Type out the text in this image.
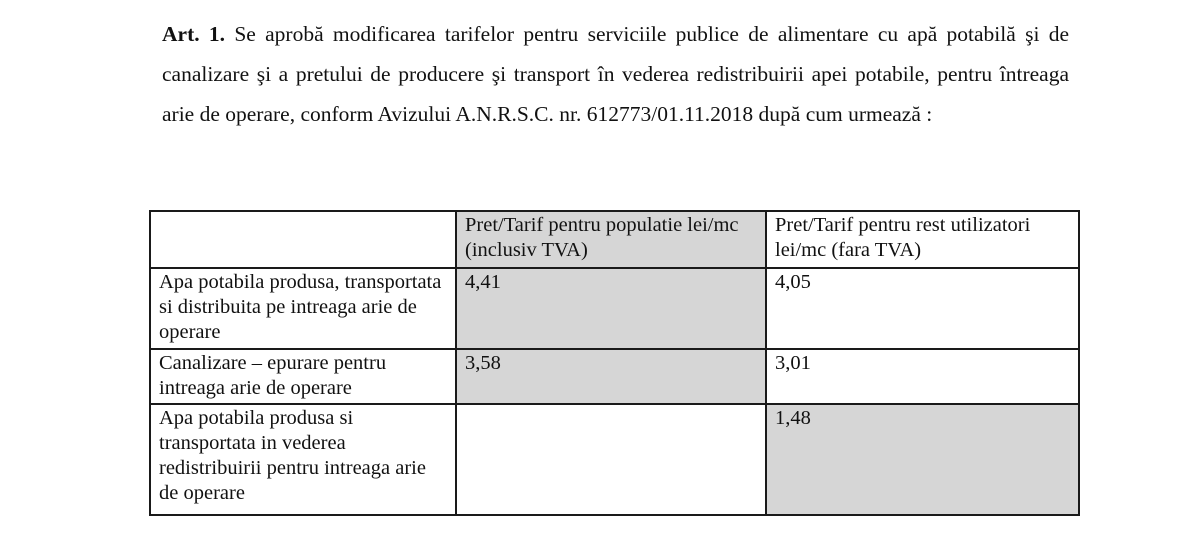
Art. 1. Se aprobă modificarea tarifelor pentru serviciile publice de alimentare cu apă potabilă şi de canalizare şi a pretului de producere şi transport în vederea redistribuirii apei potabile, pentru întreaga arie de operare, conform Avizului A.N.R.S.C. nr. 612773/01.11.2018 după cum urmează :
	Pret/Tarif pentru populatie lei/mc (inclusiv TVA)	Pret/Tarif pentru rest utilizatori lei/mc (fara TVA)
Apa potabila produsa, transportata si distribuita pe intreaga arie de operare	4,41	4,05
Canalizare – epurare pentru intreaga arie de operare	3,58	3,01
Apa potabila produsa si transportata in vederea redistribuirii pentru intreaga arie de operare		1,48
